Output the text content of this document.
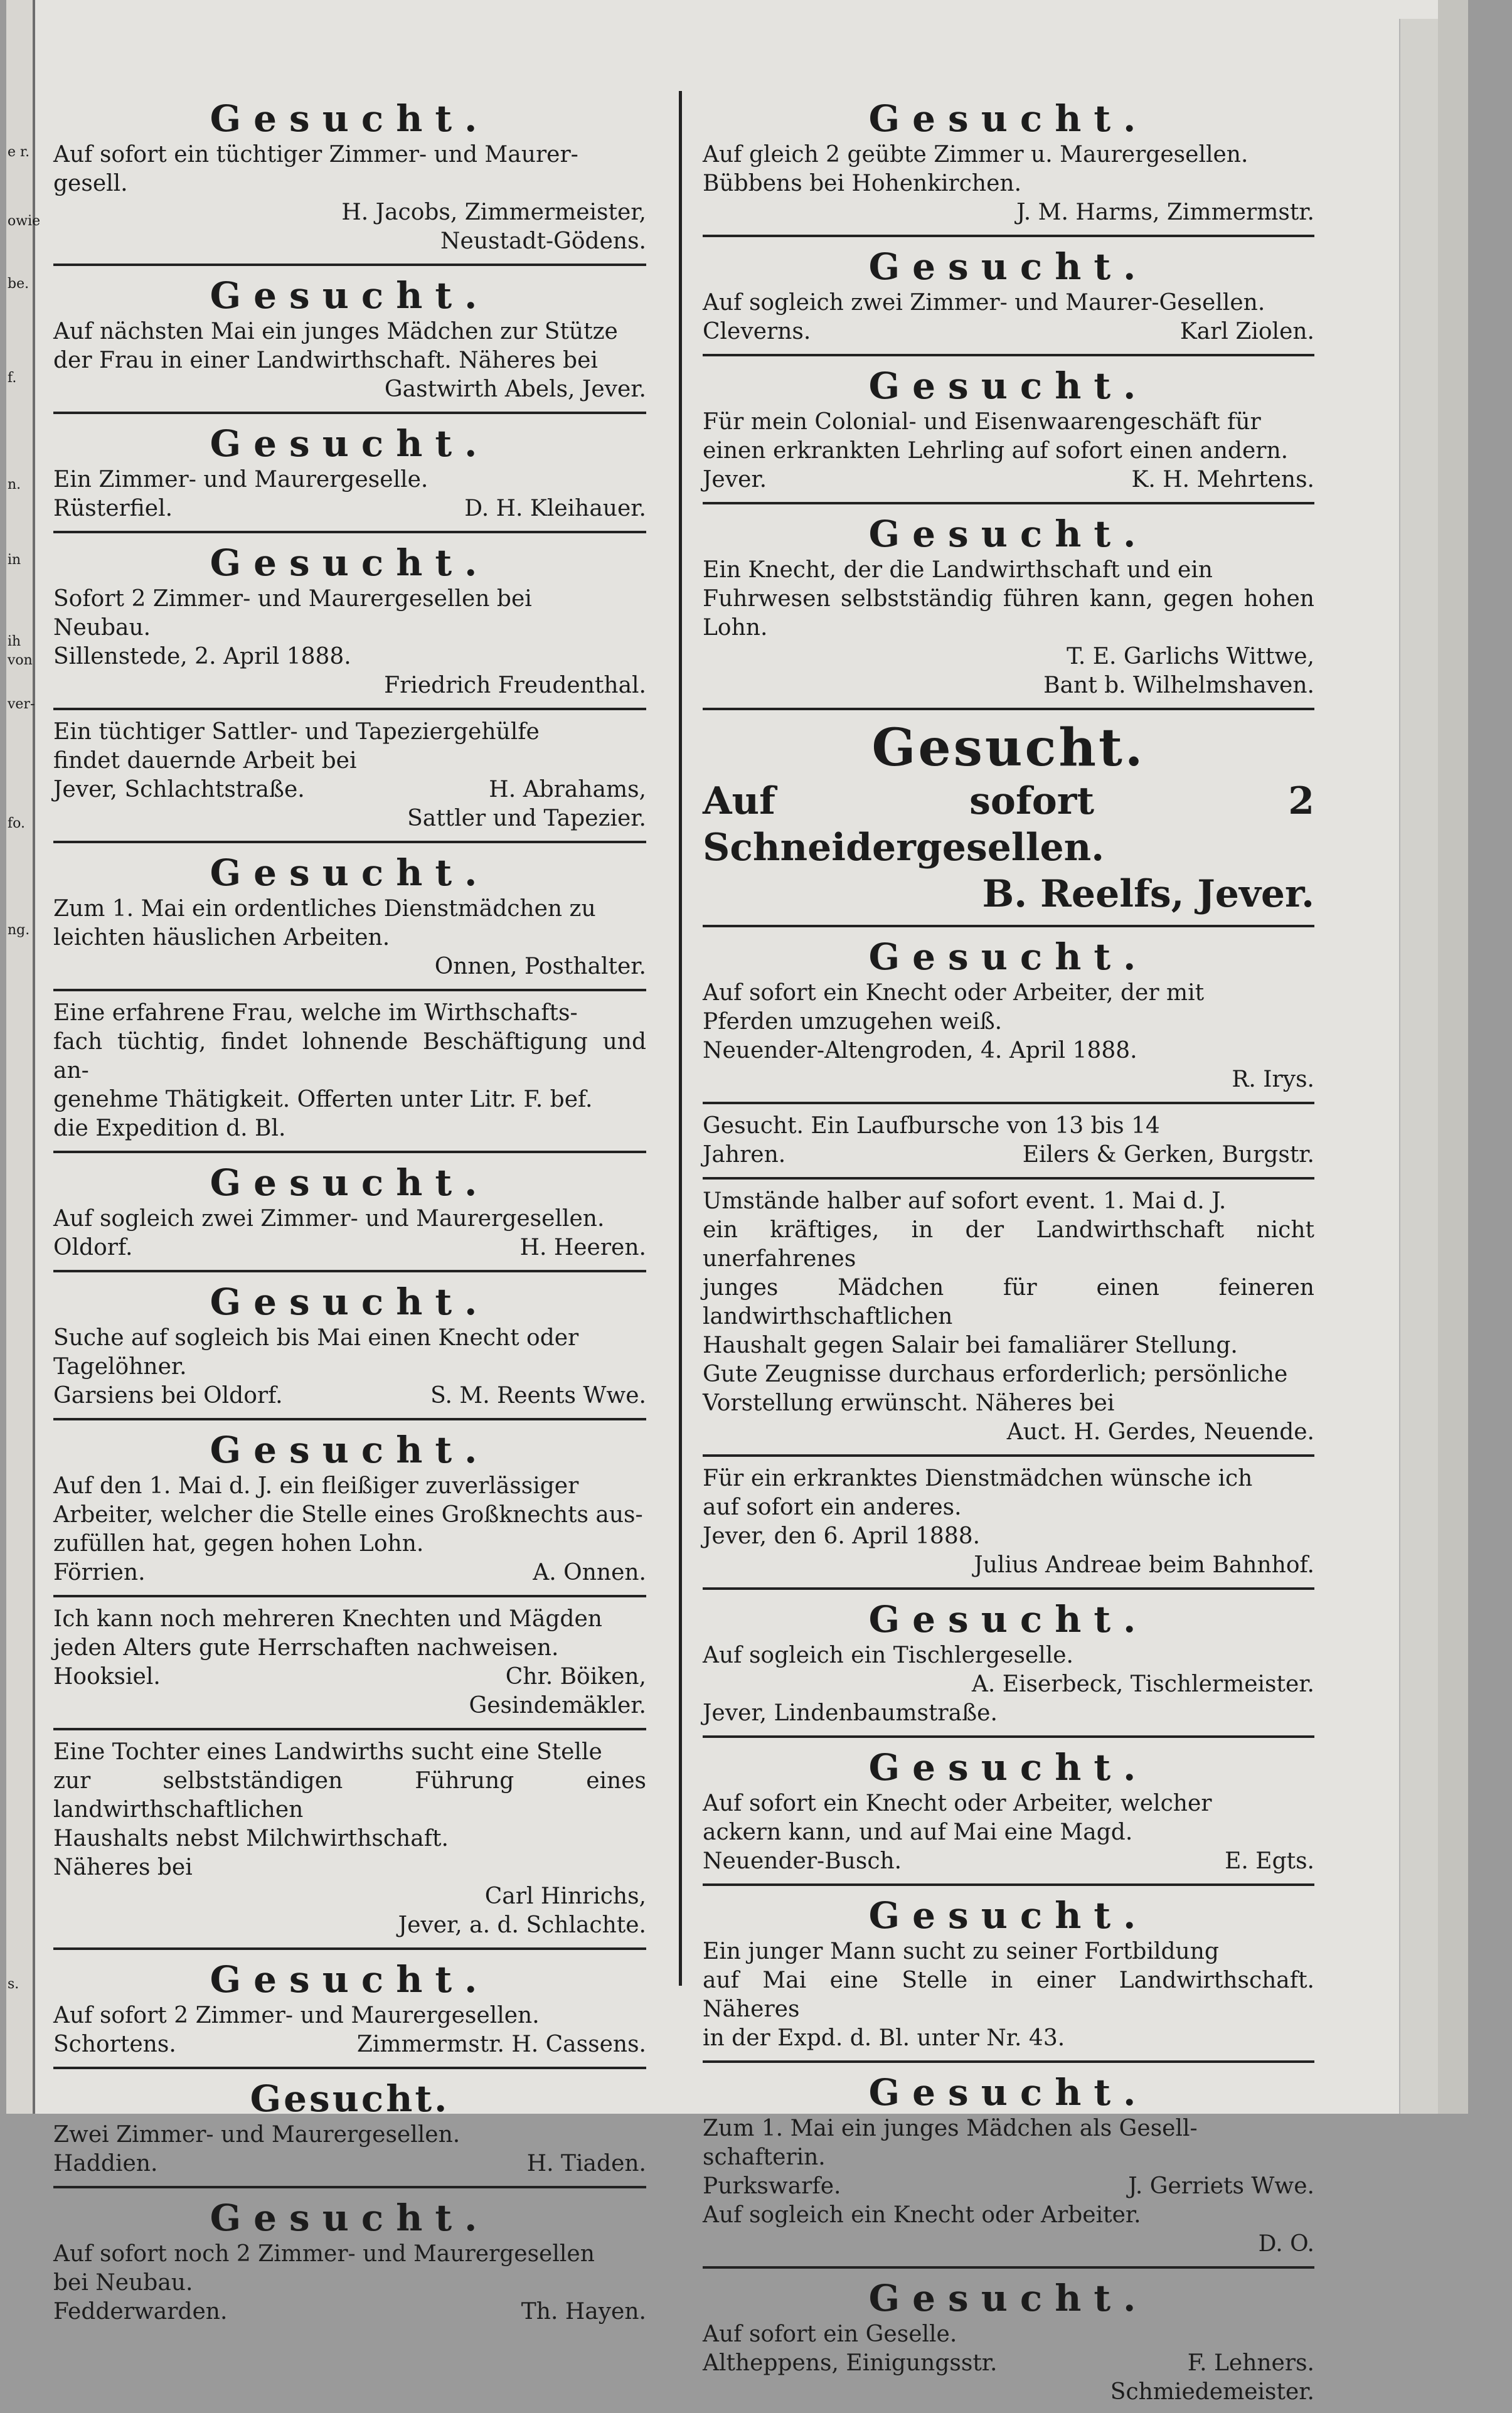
e r.
owie
be.
f.
n.
in
ih
von
ver-
fo.
ng.
s.
Gesucht.
Auf sofort ein tüchtiger Zimmer- und Maurer-
gesell.
H. Jacobs, Zimmermeister,
Neustadt-Gödens.
Gesucht.
Auf nächsten Mai ein junges Mädchen zur Stütze
der Frau in einer Landwirthschaft. Näheres bei
Gastwirth Abels, Jever.
Gesucht.
Ein Zimmer- und Maurergeselle.
Rüsterfiel.	D. H. Kleihauer.
Gesucht.
Sofort 2 Zimmer- und Maurergesellen bei
Neubau.
Sillenstede, 2. April 1888.
Friedrich Freudenthal.
Ein tüchtiger Sattler- und Tapeziergehülfe
findet dauernde Arbeit bei
Jever, Schlachtstraße.	H. Abrahams,
Sattler und Tapezier.
Gesucht.
Zum 1. Mai ein ordentliches Dienstmädchen zu
leichten häuslichen Arbeiten.
Onnen, Posthalter.
Eine erfahrene Frau, welche im Wirthschafts-
fach tüchtig, findet lohnende Beschäftigung und an-
genehme Thätigkeit. Offerten unter Litr. F. bef.
die Expedition d. Bl.
Gesucht.
Auf sogleich zwei Zimmer- und Maurergesellen.
Oldorf.	H. Heeren.
Gesucht.
Suche auf sogleich bis Mai einen Knecht oder
Tagelöhner.
Garsiens bei Oldorf.	S. M. Reents Wwe.
Gesucht.
Auf den 1. Mai d. J. ein fleißiger zuverlässiger
Arbeiter, welcher die Stelle eines Großknechts aus-
zufüllen hat, gegen hohen Lohn.
Förrien.	A. Onnen.
Ich kann noch mehreren Knechten und Mägden
jeden Alters gute Herrschaften nachweisen.
Hooksiel.	Chr. Böiken,
Gesindemäkler.
Eine Tochter eines Landwirths sucht eine Stelle
zur selbstständigen Führung eines landwirthschaftlichen
Haushalts nebst Milchwirthschaft.
Näheres bei
Carl Hinrichs,
Jever, a. d. Schlachte.
Gesucht.
Auf sofort 2 Zimmer- und Maurergesellen.
Schortens.	Zimmermstr. H. Cassens.
Gesucht.
Zwei Zimmer- und Maurergesellen.
Haddien.	H. Tiaden.
Gesucht.
Auf sofort noch 2 Zimmer- und Maurergesellen
bei Neubau.
Fedderwarden.	Th. Hayen.
Gesucht.
Auf gleich 2 geübte Zimmer u. Maurergesellen.
Bübbens bei Hohenkirchen.
J. M. Harms, Zimmermstr.
Gesucht.
Auf sogleich zwei Zimmer- und Maurer-Gesellen.
Cleverns.	Karl Ziolen.
Gesucht.
Für mein Colonial- und Eisenwaarengeschäft für
einen erkrankten Lehrling auf sofort einen andern.
Jever.	K. H. Mehrtens.
Gesucht.
Ein Knecht, der die Landwirthschaft und ein
Fuhrwesen selbstständig führen kann, gegen hohen Lohn.
T. E. Garlichs Wittwe,
Bant b. Wilhelmshaven.
Gesucht.
Auf sofort 2 Schneidergesellen.
B. Reelfs, Jever.
Gesucht.
Auf sofort ein Knecht oder Arbeiter, der mit
Pferden umzugehen weiß.
Neuender-Altengroden, 4. April 1888.
R. Irys.
Gesucht. Ein Laufbursche von 13 bis 14
Jahren.	Eilers & Gerken, Burgstr.
Umstände halber auf sofort event. 1. Mai d. J.
ein kräftiges, in der Landwirthschaft nicht unerfahrenes
junges Mädchen für einen feineren landwirthschaftlichen
Haushalt gegen Salair bei famaliärer Stellung.
Gute Zeugnisse durchaus erforderlich; persönliche
Vorstellung erwünscht. Näheres bei
Auct. H. Gerdes, Neuende.
Für ein erkranktes Dienstmädchen wünsche ich
auf sofort ein anderes.
Jever, den 6. April 1888.
Julius Andreae beim Bahnhof.
Gesucht.
Auf sogleich ein Tischlergeselle.
A. Eiserbeck, Tischlermeister.
Jever, Lindenbaumstraße.
Gesucht.
Auf sofort ein Knecht oder Arbeiter, welcher
ackern kann, und auf Mai eine Magd.
Neuender-Busch.	E. Egts.
Gesucht.
Ein junger Mann sucht zu seiner Fortbildung
auf Mai eine Stelle in einer Landwirthschaft. Näheres
in der Expd. d. Bl. unter Nr. 43.
Gesucht.
Zum 1. Mai ein junges Mädchen als Gesell-
schafterin.
Purkswarfe.	J. Gerriets Wwe.
Auf sogleich ein Knecht oder Arbeiter.
D. O.
Gesucht.
Auf sofort ein Geselle.
Altheppens, Einigungsstr.	F. Lehners.
Schmiedemeister.
